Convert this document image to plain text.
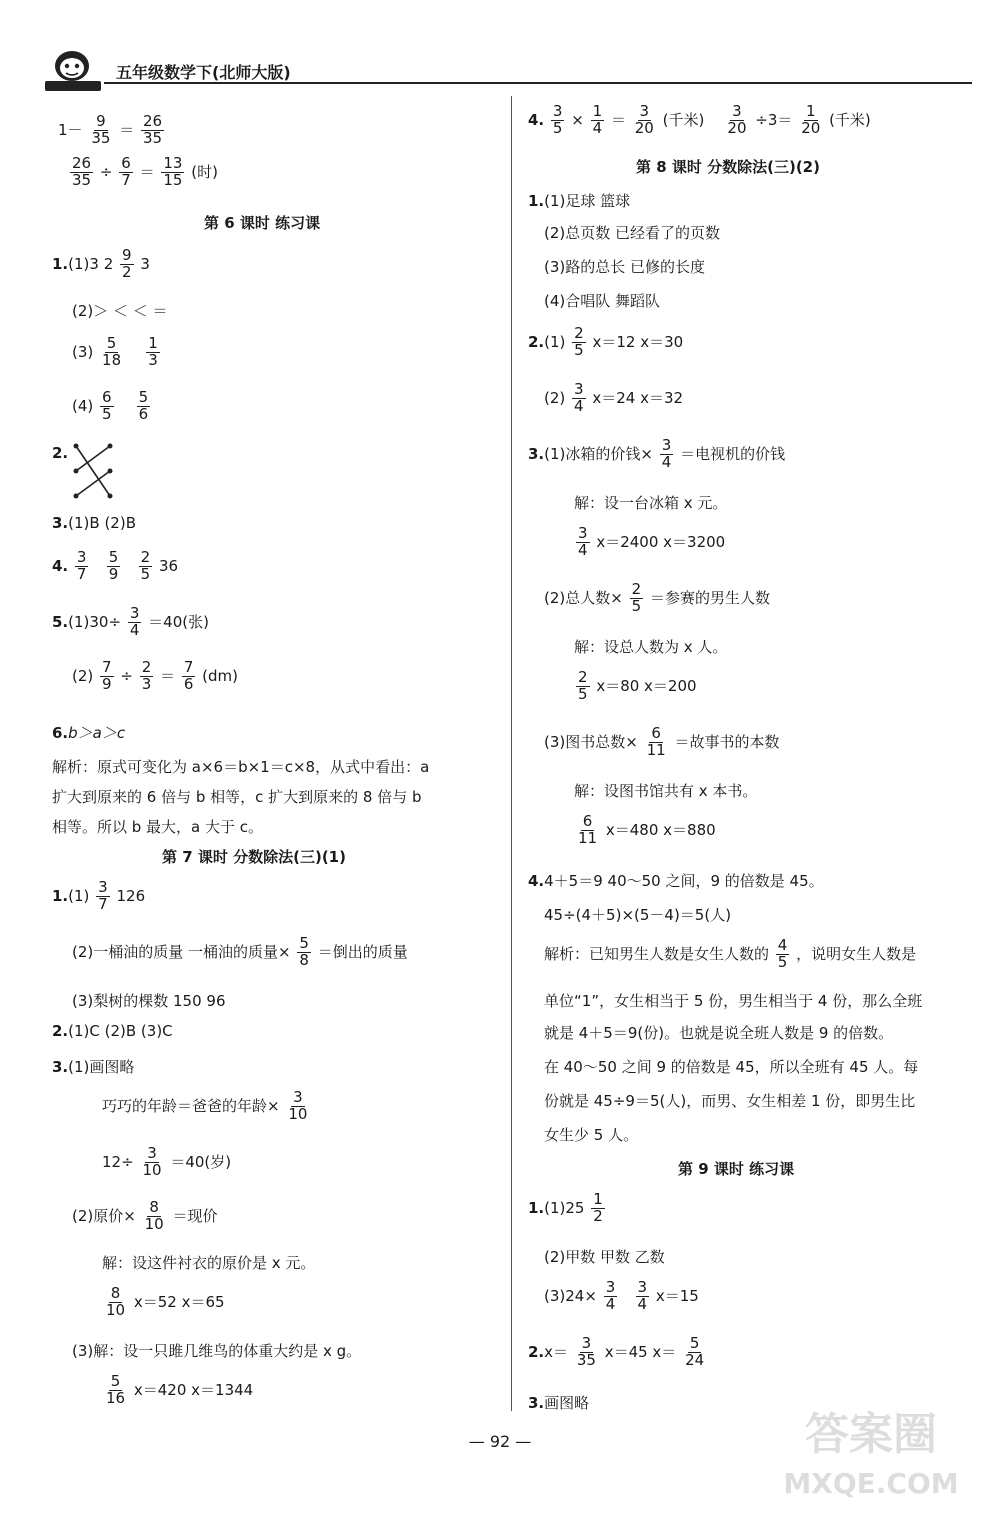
五年级数学下(北师大版)
$1- \frac{9}{35} = \frac{26}{35}$
$\frac{26}{35} \div \frac{6}{7} = \frac{13}{15}$ (时)
第 6 课时 练习课
1.(1)3 $2 \frac{9}{2} 3$
(2)＞ ＜ ＜ ＝
$(3) \frac{5}{18}$
$\frac{1}{3}$
$(4) \frac{6}{5}$
$\frac{5}{6}$
2.
3.(1)B (2)B
4. $\frac{3}{7}$
$\frac{5}{9}$
$\frac{2}{5} 36$
$5.(1)30\div \frac{3}{4} =40$(张)
$(2) \frac{7}{9} \div \frac{2}{3} = \frac{7}{6} (dm)$
6.b＞a＞c
解析：原式可变化为 a×6＝b×1＝c×8，从式中看出：a
扩大到原来的 6 倍与 b 相等，c 扩大到原来的 8 倍与 b
相等。所以 b 最大，a 大于 c。
第 7 课时 分数除法(三)(1)
$1.(1) \frac{3}{7} 126$
(2)一桶油的质量 一桶油的质量× $\frac{5}{8}$ ＝倒出的质量
(3)梨树的棵数 150 96
2.(1)C (2)B (3)C
3.(1)画图略
巧巧的年龄＝爸爸的年龄× $\frac{3}{10}$
$12\div \frac{3}{10} =40$(岁)
(2)原价× $\frac{8}{10}$ ＝现价
解：设这件衬衣的原价是 x 元。
$\frac{8}{10} x=52$ x＝65
(3)解：设一只雎几维鸟的体重大约是 x g。
$\frac{5}{16} x=420$ x＝1344
4. $\frac{3}{5} \times \frac{1}{4} = \frac{3}{20}$ (千米) $\frac{3}{20} \div 3= \frac{1}{20}$ (千米)
第 8 课时 分数除法(三)(2)
1.(1)足球 篮球
(2)总页数 已经看了的页数
(3)路的总长 已修的长度
(4)合唱队 舞蹈队
$2.(1) \frac{2}{5} x=12$ x＝30
$(2) \frac{3}{4} x=24$ x＝32
3.(1)冰箱的价钱× $\frac{3}{4}$ ＝电视机的价钱
解：设一台冰箱 x 元。
$\frac{3}{4} x=2400$ x＝3200
(2)总人数× $\frac{2}{5}$ ＝参赛的男生人数
解：设总人数为 x 人。
$\frac{2}{5} x=80$ x＝200
(3)图书总数× $\frac{6}{11}$ ＝故事书的本数
解：设图书馆共有 x 本书。
$\frac{6}{11} x=480$ x＝880
4.4＋5＝9 40～50 之间，9 的倍数是 45。
45÷(4＋5)×(5－4)＝5(人)
解析：已知男生人数是女生人数的 $\frac{4}{5}$ ，说明女生人数是
单位“1”，女生相当于 5 份，男生相当于 4 份，那么全班
就是 4＋5＝9(份)。也就是说全班人数是 9 的倍数。
在 40～50 之间 9 的倍数是 45，所以全班有 45 人。每
份就是 45÷9＝5(人)，而男、女生相差 1 份，即男生比
女生少 5 人。
第 9 课时 练习课
$1.(1)25 \frac{1}{2}$
(2)甲数 甲数 乙数
$(3)24\times \frac{3}{4}$
$\frac{3}{4} x=15$
$2.x= \frac{3}{35} x=45$ $x= \frac{5}{24}$
3.画图略
— 92 —	答案圈
MXQE.COM
